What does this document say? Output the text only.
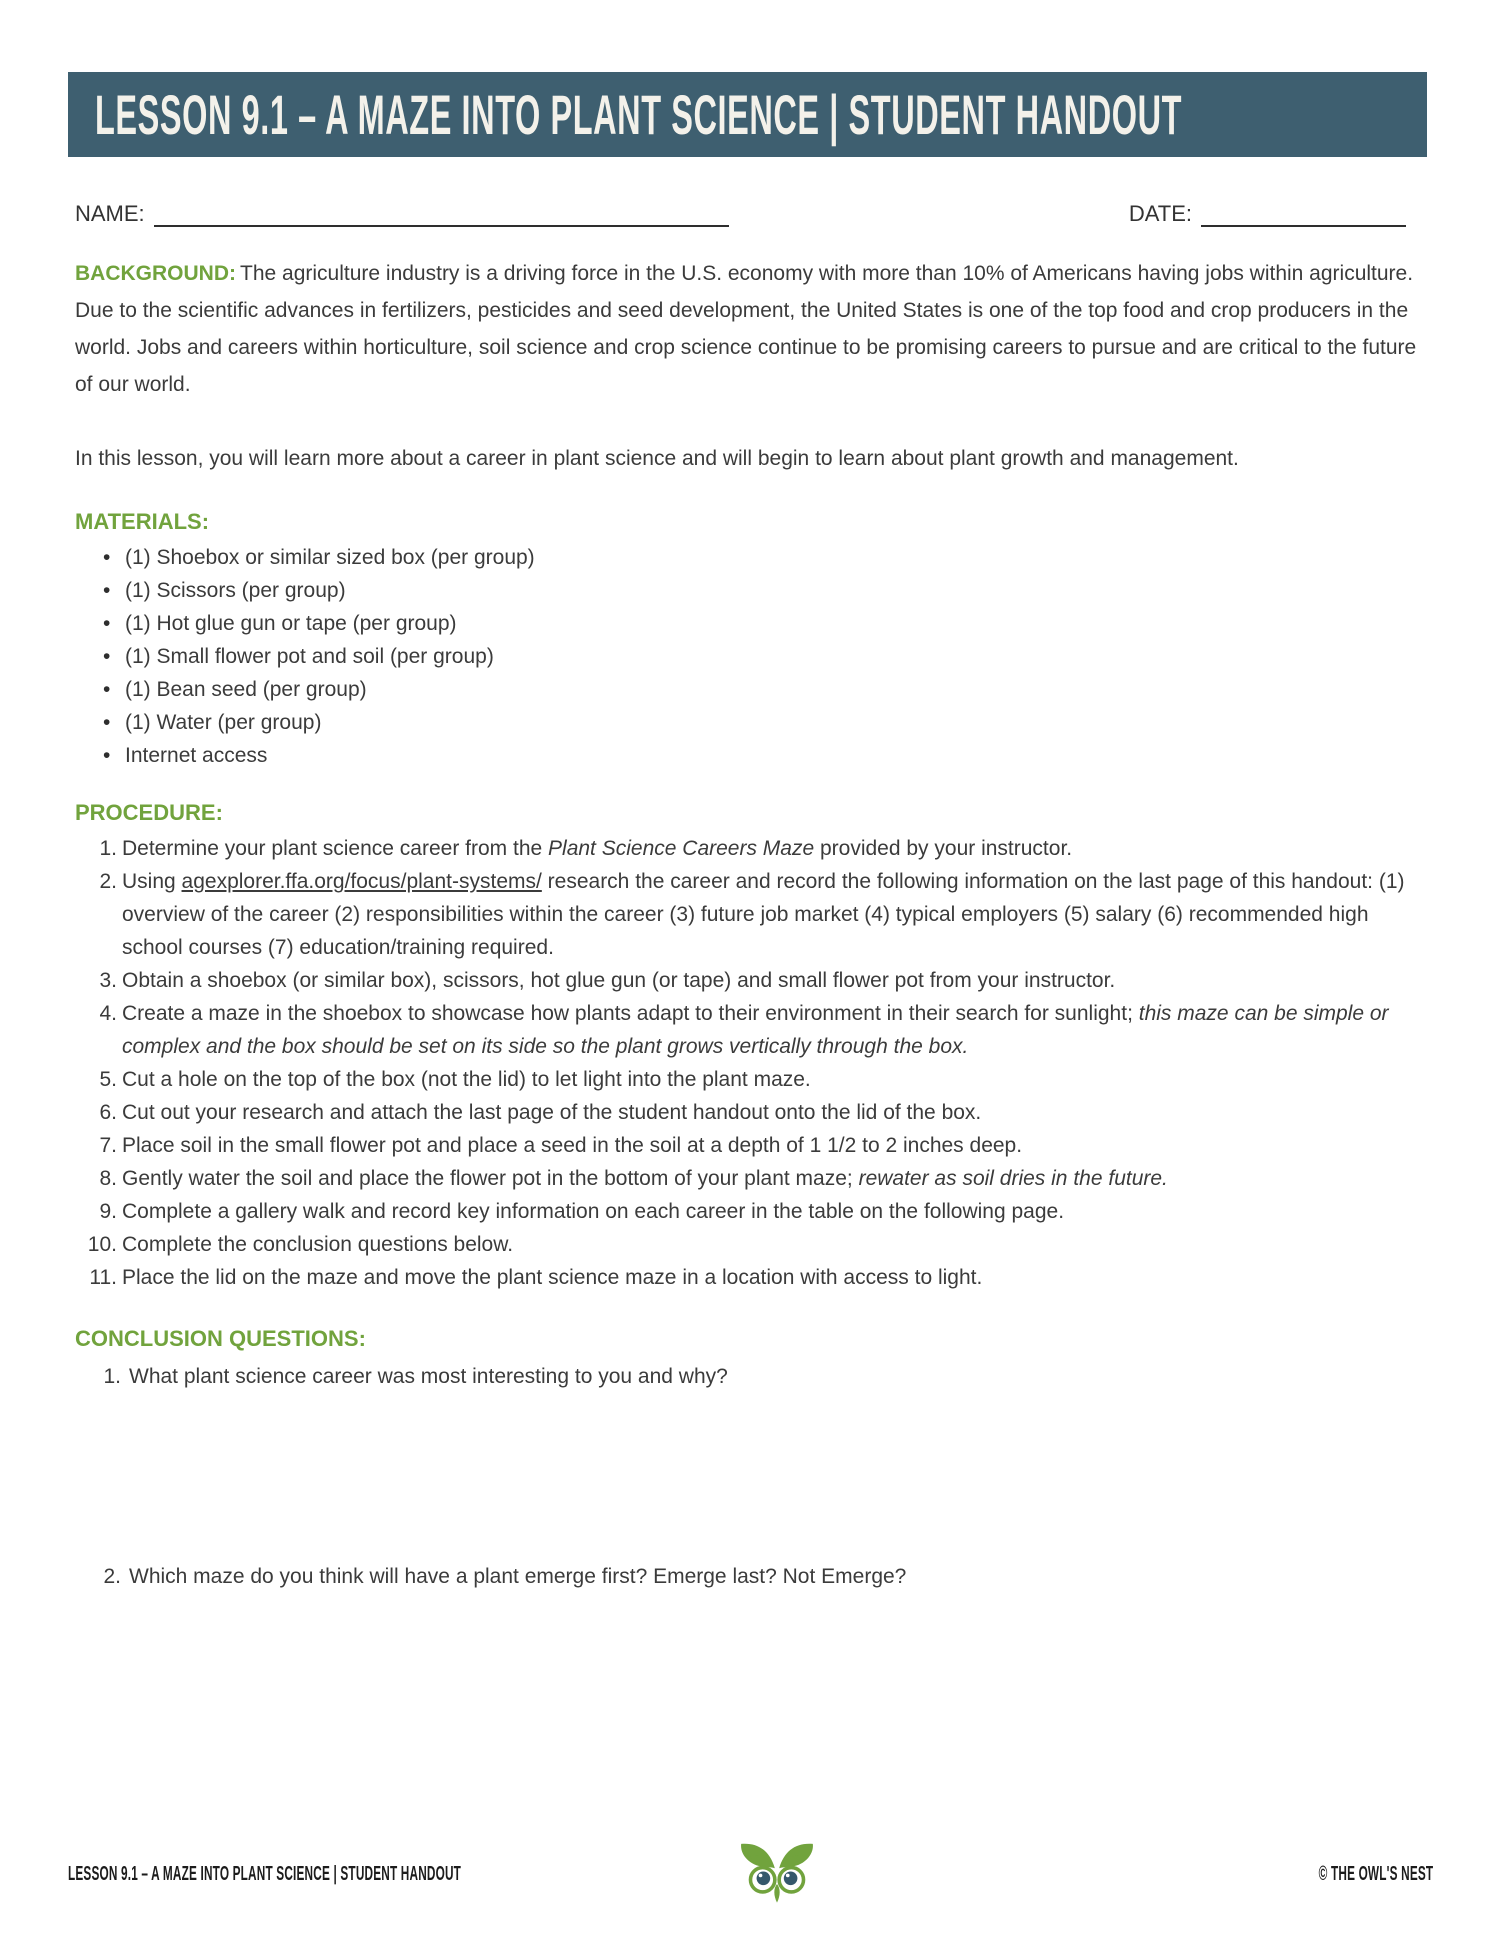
LESSON 9.1 – A MAZE INTO PLANT SCIENCE | STUDENT HANDOUT
NAME:	DATE:

BACKGROUND: The agriculture industry is a driving force in the U.S. economy with more than 10% of Americans having jobs within agriculture. Due to the scientific advances in fertilizers, pesticides and seed development, the United States is one of the top food and crop producers in the world. Jobs and careers within horticulture, soil science and crop science continue to be promising careers to pursue and are critical to the future of our world.

In this lesson, you will learn more about a career in plant science and will begin to learn about plant growth and management.

MATERIALS:
• (1) Shoebox or similar sized box (per group)
• (1) Scissors (per group)
• (1) Hot glue gun or tape (per group)
• (1) Small flower pot and soil (per group)
• (1) Bean seed (per group)
• (1) Water (per group)
• Internet access
PROCEDURE:
1. Determine your plant science career from the Plant Science Careers Maze provided by your instructor.
2. Using agexplorer.ffa.org/focus/plant-systems/ research the career and record the following information on the last page of this handout: (1) overview of the career (2) responsibilities within the career (3) future job market (4) typical employers (5) salary (6) recommended high school courses (7) education/training required.
3. Obtain a shoebox (or similar box), scissors, hot glue gun (or tape) and small flower pot from your instructor.
4. Create a maze in the shoebox to showcase how plants adapt to their environment in their search for sunlight; this maze can be simple or complex and the box should be set on its side so the plant grows vertically through the box.
5. Cut a hole on the top of the box (not the lid) to let light into the plant maze.
6. Cut out your research and attach the last page of the student handout onto the lid of the box.
7. Place soil in the small flower pot and place a seed in the soil at a depth of 1 1/2 to 2 inches deep.
8. Gently water the soil and place the flower pot in the bottom of your plant maze; rewater as soil dries in the future.
9. Complete a gallery walk and record key information on each career in the table on the following page.
10. Complete the conclusion questions below.
11. Place the lid on the maze and move the plant science maze in a location with access to light.
CONCLUSION QUESTIONS:
1. What plant science career was most interesting to you and why?
2. Which maze do you think will have a plant emerge first? Emerge last? Not Emerge?
LESSON 9.1 – A MAZE INTO PLANT SCIENCE | STUDENT HANDOUT	© THE OWL'S NEST
